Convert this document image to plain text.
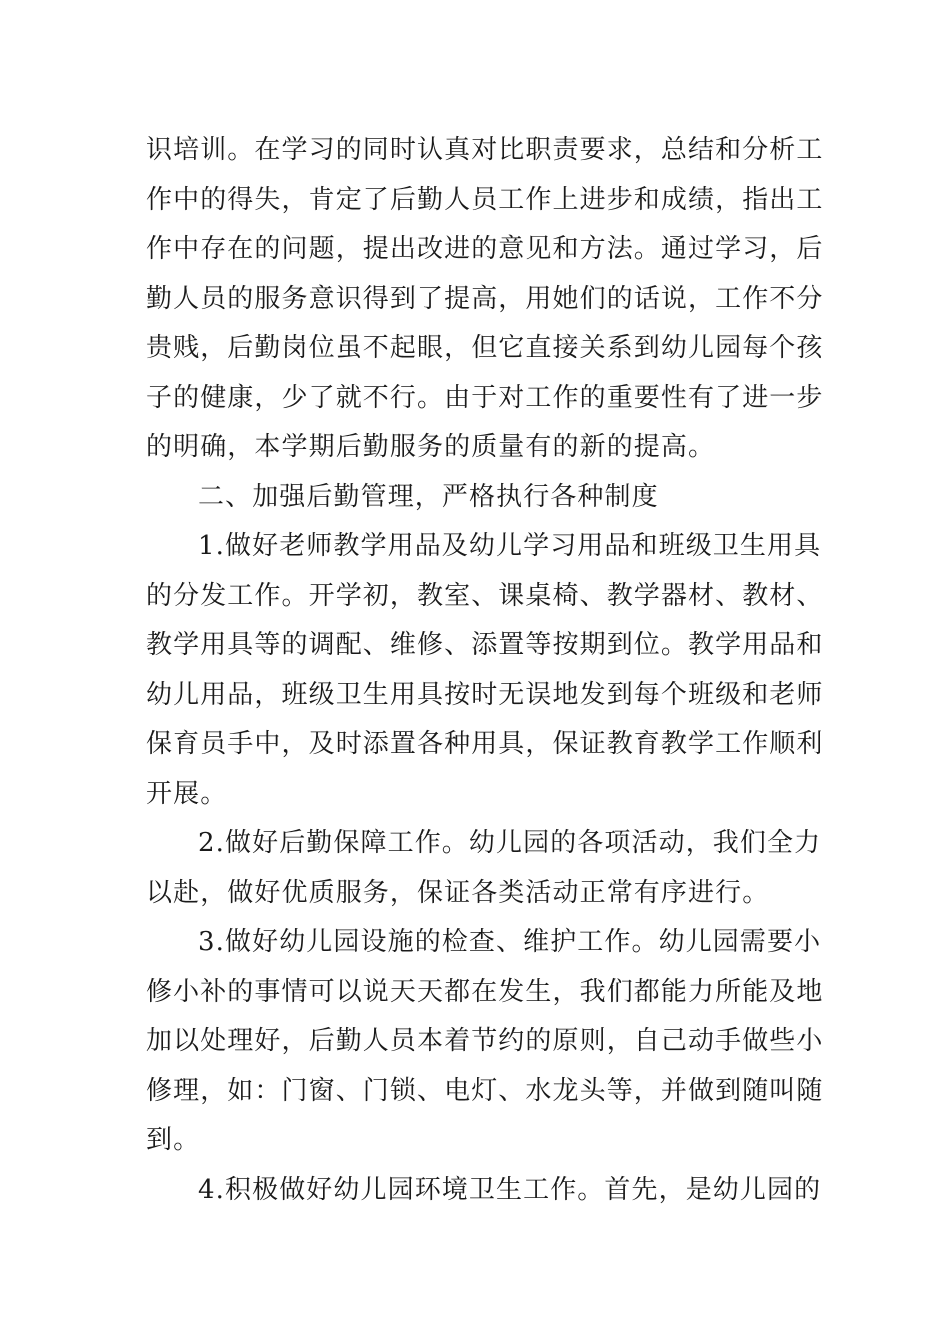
识培训。在学习的同时认真对比职责要求，总结和分析工
作中的得失，肯定了后勤人员工作上进步和成绩，指出工
作中存在的问题，提出改进的意见和方法。通过学习，后
勤人员的服务意识得到了提高，用她们的话说，工作不分
贵贱，后勤岗位虽不起眼，但它直接关系到幼儿园每个孩
子的健康，少了就不行。由于对工作的重要性有了进一步
的明确，本学期后勤服务的质量有的新的提高。
二、加强后勤管理，严格执行各种制度
1.做好老师教学用品及幼儿学习用品和班级卫生用具
的分发工作。开学初，教室、课桌椅、教学器材、教材、
教学用具等的调配、维修、添置等按期到位。教学用品和
幼儿用品，班级卫生用具按时无误地发到每个班级和老师
保育员手中，及时添置各种用具，保证教育教学工作顺利
开展。
2.做好后勤保障工作。幼儿园的各项活动，我们全力
以赴，做好优质服务，保证各类活动正常有序进行。
3.做好幼儿园设施的检查、维护工作。幼儿园需要小
修小补的事情可以说天天都在发生，我们都能力所能及地
加以处理好，后勤人员本着节约的原则，自己动手做些小
修理，如：门窗、门锁、电灯、水龙头等，并做到随叫随
到。
4.积极做好幼儿园环境卫生工作。首先，是幼儿园的
